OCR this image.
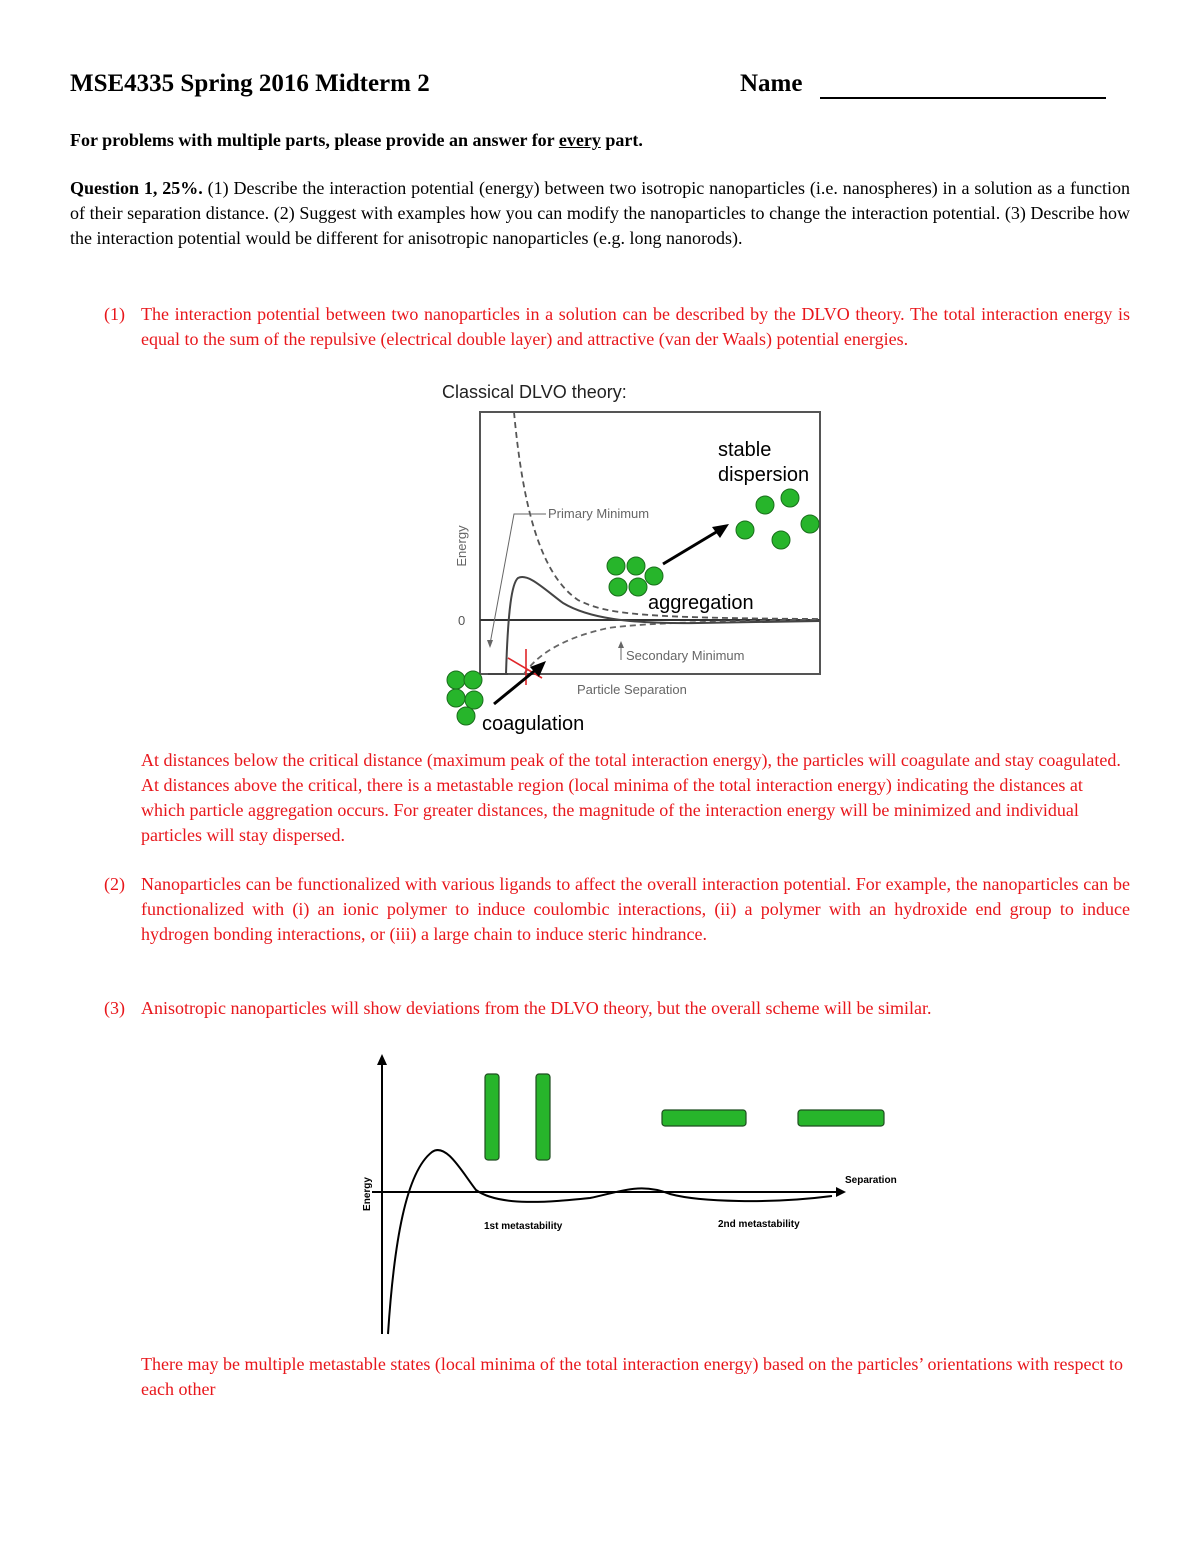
MSE4335 Spring 2016 Midterm 2	Name
For problems with multiple parts, please provide an answer for every part.
Question 1, 25%. (1) Describe the interaction potential (energy) between two isotropic nanoparticles (i.e. nanospheres) in a solution as a function of their separation distance. (2) Suggest with examples how you can modify the nanoparticles to change the interaction potential. (3) Describe how the interaction potential would be different for anisotropic nanoparticles (e.g. long nanorods).
(1) The interaction potential between two nanoparticles in a solution can be described by the DLVO theory. The total interaction energy is equal to the sum of the repulsive (electrical double layer) and attractive (van der Waals) potential energies.
Classical DLVO theory:
Energy
0
Primary Minimum
Secondary Minimum
Particle Separation
stable
dispersion
aggregation
coagulation
At distances below the critical distance (maximum peak of the total interaction energy), the particles will coagulate and stay coagulated. At distances above the critical, there is a metastable region (local minima of the total interaction energy) indicating the distances at which particle aggregation occurs. For greater distances, the magnitude of the interaction energy will be minimized and individual particles will stay dispersed.
(2) Nanoparticles can be functionalized with various ligands to affect the overall interaction potential. For example, the nanoparticles can be functionalized with (i) an ionic polymer to induce coulombic interactions, (ii) a polymer with an hydroxide end group to induce hydrogen bonding interactions, or (iii) a large chain to induce steric hindrance.
(3) Anisotropic nanoparticles will show deviations from the DLVO theory, but the overall scheme will be similar.
Energy	Separation
1st metastability	2nd metastability
There may be multiple metastable states (local minima of the total interaction energy) based on the particles’ orientations with respect to each other
